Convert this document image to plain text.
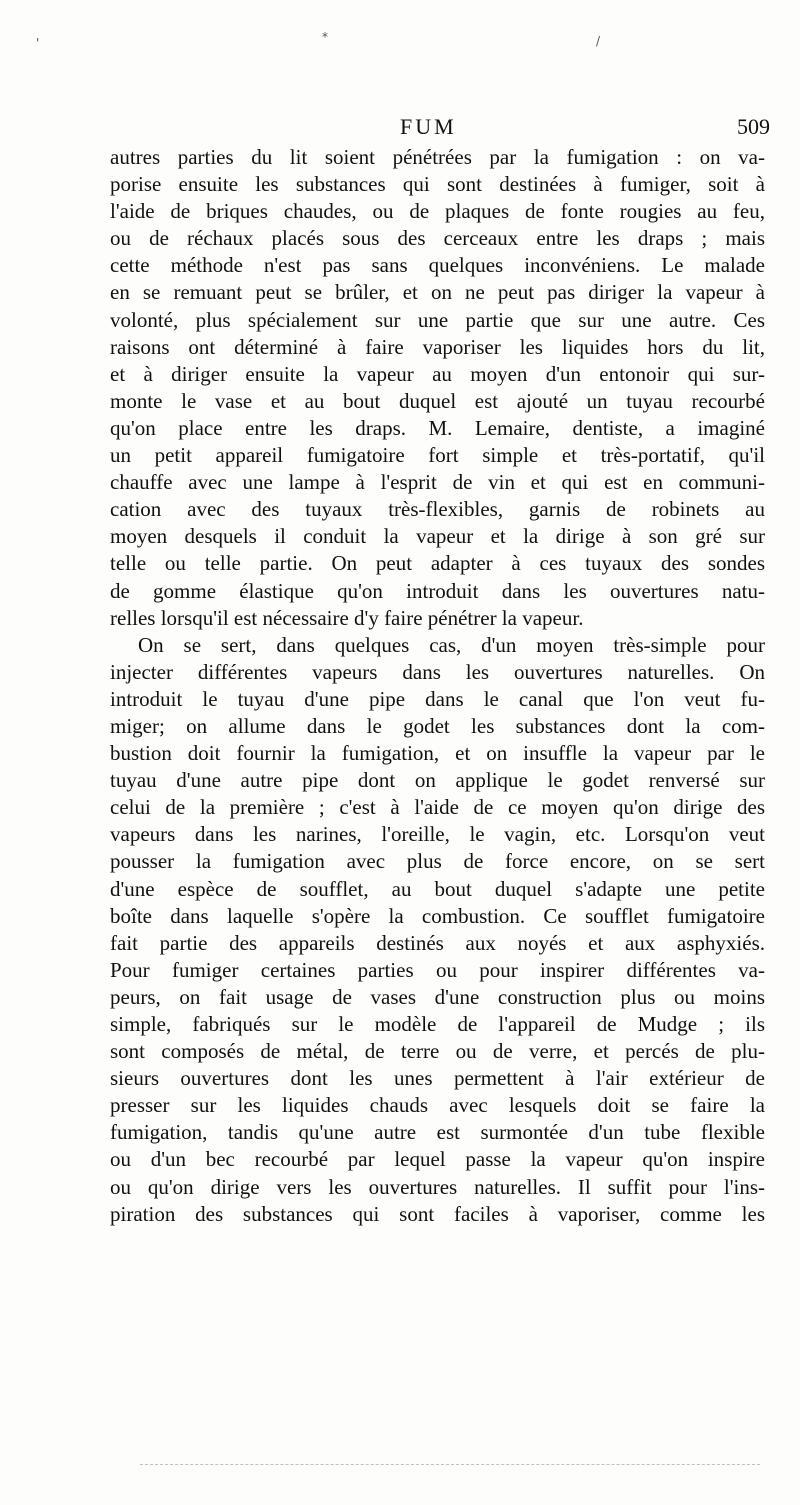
'	*	/
FUM	509
autres parties du lit soient pénétrées par la fumigation : on va-
porise ensuite les substances qui sont destinées à fumiger, soit à
l'aide de briques chaudes, ou de plaques de fonte rougies au feu,
ou de réchaux placés sous des cerceaux entre les draps ; mais
cette méthode n'est pas sans quelques inconvéniens. Le malade
en se remuant peut se brûler, et on ne peut pas diriger la vapeur à
volonté, plus spécialement sur une partie que sur une autre. Ces
raisons ont déterminé à faire vaporiser les liquides hors du lit,
et à diriger ensuite la vapeur au moyen d'un entonoir qui sur-
monte le vase et au bout duquel est ajouté un tuyau recourbé
qu'on place entre les draps. M. Lemaire, dentiste, a imaginé
un petit appareil fumigatoire fort simple et très-portatif, qu'il
chauffe avec une lampe à l'esprit de vin et qui est en communi-
cation avec des tuyaux très-flexibles, garnis de robinets au
moyen desquels il conduit la vapeur et la dirige à son gré sur
telle ou telle partie. On peut adapter à ces tuyaux des sondes
de gomme élastique qu'on introduit dans les ouvertures natu-
relles lorsqu'il est nécessaire d'y faire pénétrer la vapeur.
On se sert, dans quelques cas, d'un moyen très-simple pour
injecter différentes vapeurs dans les ouvertures naturelles. On
introduit le tuyau d'une pipe dans le canal que l'on veut fu-
miger; on allume dans le godet les substances dont la com-
bustion doit fournir la fumigation, et on insuffle la vapeur par le
tuyau d'une autre pipe dont on applique le godet renversé sur
celui de la première ; c'est à l'aide de ce moyen qu'on dirige des
vapeurs dans les narines, l'oreille, le vagin, etc. Lorsqu'on veut
pousser la fumigation avec plus de force encore, on se sert
d'une espèce de soufflet, au bout duquel s'adapte une petite
boîte dans laquelle s'opère la combustion. Ce soufflet fumigatoire
fait partie des appareils destinés aux noyés et aux asphyxiés.
Pour fumiger certaines parties ou pour inspirer différentes va-
peurs, on fait usage de vases d'une construction plus ou moins
simple, fabriqués sur le modèle de l'appareil de Mudge ; ils
sont composés de métal, de terre ou de verre, et percés de plu-
sieurs ouvertures dont les unes permettent à l'air extérieur de
presser sur les liquides chauds avec lesquels doit se faire la
fumigation, tandis qu'une autre est surmontée d'un tube flexible
ou d'un bec recourbé par lequel passe la vapeur qu'on inspire
ou qu'on dirige vers les ouvertures naturelles. Il suffit pour l'ins-
piration des substances qui sont faciles à vaporiser, comme les
